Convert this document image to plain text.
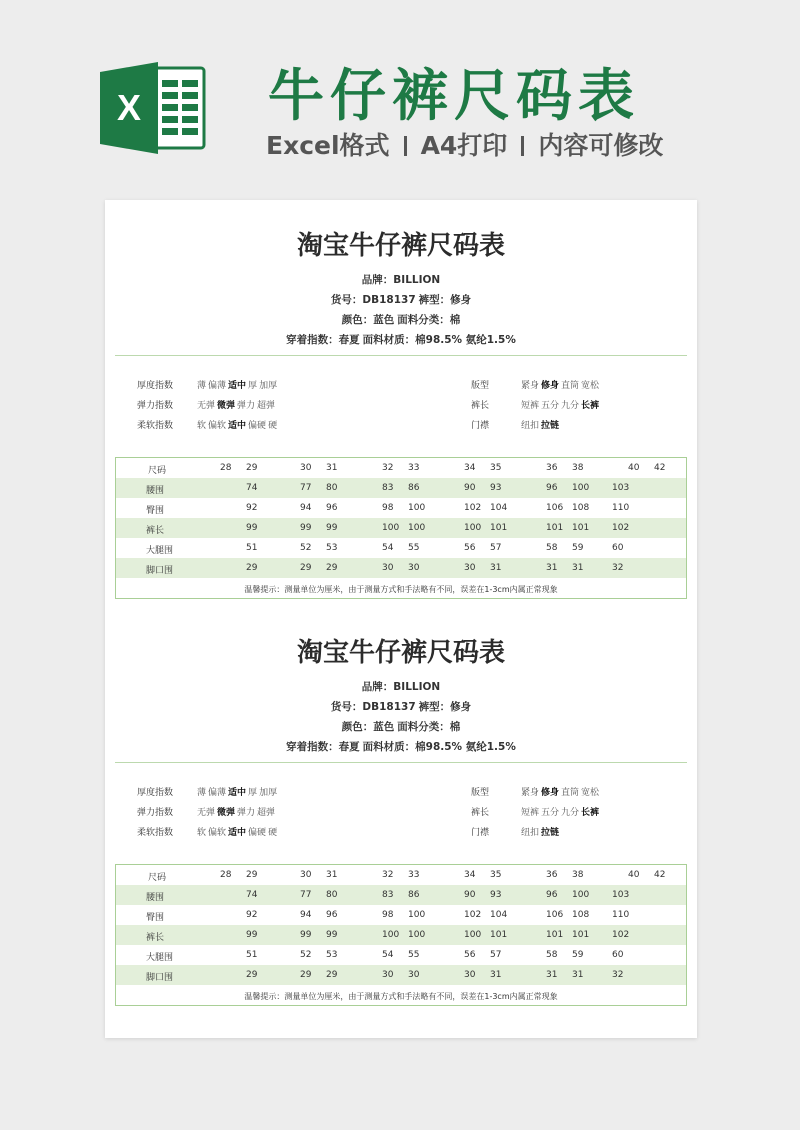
X 牛仔裤尺码表
Excel格式 A4打印 内容可修改
淘宝牛仔裤尺码表
品牌：BILLION
货号：DB18137 裤型：修身
颜色：蓝色 面料分类：棉
穿着指数：春夏 面料材质：棉98.5% 氨纶1.5%
厚度指数	薄 偏薄 适中 厚 加厚
弹力指数	无弹 微弹 弹力 超弹
柔软指数	软 偏软 适中 偏硬 硬
版型	紧身 修身 直筒 宽松
裤长	短裤 五分 九分 长裤
门襟	纽扣 拉链
尺码	28 29	30 31	32 33	34 35	36 38	40 42
腰围	74	77 80	83 86	90 93	96 100	103
臀围	92	94 96	98 100	102 104	106 108	110
裤长	99	99 99	100 100	100 101	101 101	102
大腿围	51	52 53	54 55	56 57	58 59	60
脚口围	29	29 29	30 30	30 31	31 31	32
温馨提示：测量单位为厘米，由于测量方式和手法略有不同，误差在1-3cm内属正常现象
淘宝牛仔裤尺码表
品牌：BILLION
货号：DB18137 裤型：修身
颜色：蓝色 面料分类：棉
穿着指数：春夏 面料材质：棉98.5% 氨纶1.5%
厚度指数	薄 偏薄 适中 厚 加厚
弹力指数	无弹 微弹 弹力 超弹
柔软指数	软 偏软 适中 偏硬 硬
版型	紧身 修身 直筒 宽松
裤长	短裤 五分 九分 长裤
门襟	纽扣 拉链
尺码	28 29	30 31	32 33	34 35	36 38	40 42
腰围	74	77 80	83 86	90 93	96 100	103
臀围	92	94 96	98 100	102 104	106 108	110
裤长	99	99 99	100 100	100 101	101 101	102
大腿围	51	52 53	54 55	56 57	58 59	60
脚口围	29	29 29	30 30	30 31	31 31	32
温馨提示：测量单位为厘米，由于测量方式和手法略有不同，误差在1-3cm内属正常现象
